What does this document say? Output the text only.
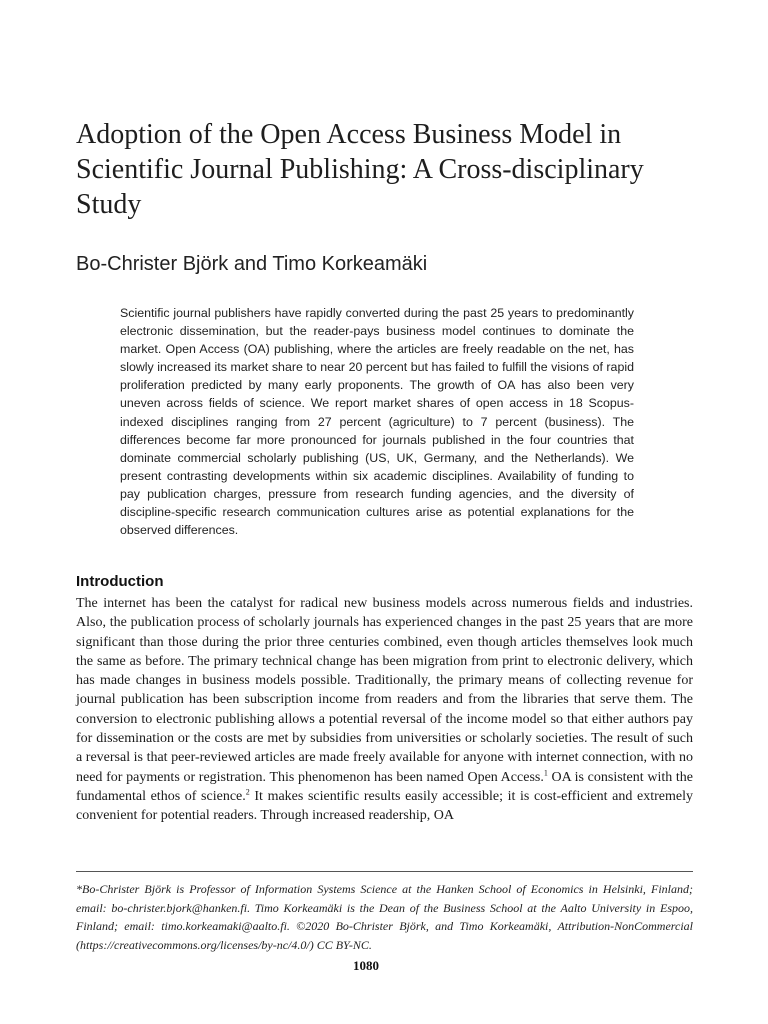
Adoption of the Open Access Business Model in Scientific Journal Publishing: A Cross-disciplinary Study
Bo-Christer Björk and Timo Korkeamäki
Scientific journal publishers have rapidly converted during the past 25 years to predominantly electronic dissemination, but the reader-pays business model continues to dominate the market. Open Access (OA) publishing, where the articles are freely readable on the net, has slowly increased its market share to near 20 percent but has failed to fulfill the visions of rapid proliferation predicted by many early proponents. The growth of OA has also been very uneven across fields of science. We report market shares of open access in 18 Scopus-indexed disciplines ranging from 27 percent (agriculture) to 7 percent (business). The differences become far more pronounced for journals published in the four countries that dominate commercial scholarly publishing (US, UK, Germany, and the Netherlands). We present contrasting developments within six academic disciplines. Availability of funding to pay publication charges, pressure from research funding agencies, and the diversity of discipline-specific research communication cultures arise as potential explanations for the observed differences.
Introduction

The internet has been the catalyst for radical new business models across numerous fields and industries. Also, the publication process of scholarly journals has experienced changes in the past 25 years that are more significant than those during the prior three centuries combined, even though articles themselves look much the same as before. The primary technical change has been migration from print to electronic delivery, which has made changes in business models possible. Traditionally, the primary means of collecting revenue for journal publication has been subscription income from readers and from the libraries that serve them. The conversion to electronic publishing allows a potential reversal of the income model so that either authors pay for dissemination or the costs are met by subsidies from universities or scholarly societies. The result of such a reversal is that peer-reviewed articles are made freely available for anyone with internet connection, with no need for payments or registration. This phenomenon has been named Open Access.$^1$ OA is consistent with the fundamental ethos of science.$^2$ It makes scientific results easily accessible; it is cost-efficient and extremely convenient for potential readers. Through increased readership, OA

*Bo-Christer Björk is Professor of Information Systems Science at the Hanken School of Economics in Helsinki, Finland; email: bo-christer.bjork@hanken.fi. Timo Korkeamäki is the Dean of the Business School at the Aalto University in Espoo, Finland; email: timo.korkeamaki@aalto.fi. ©2020 Bo-Christer Björk, and Timo Korkeamäki, Attribution-NonCommercial (https://creativecommons.org/licenses/by-nc/4.0/) CC BY-NC.
1080
